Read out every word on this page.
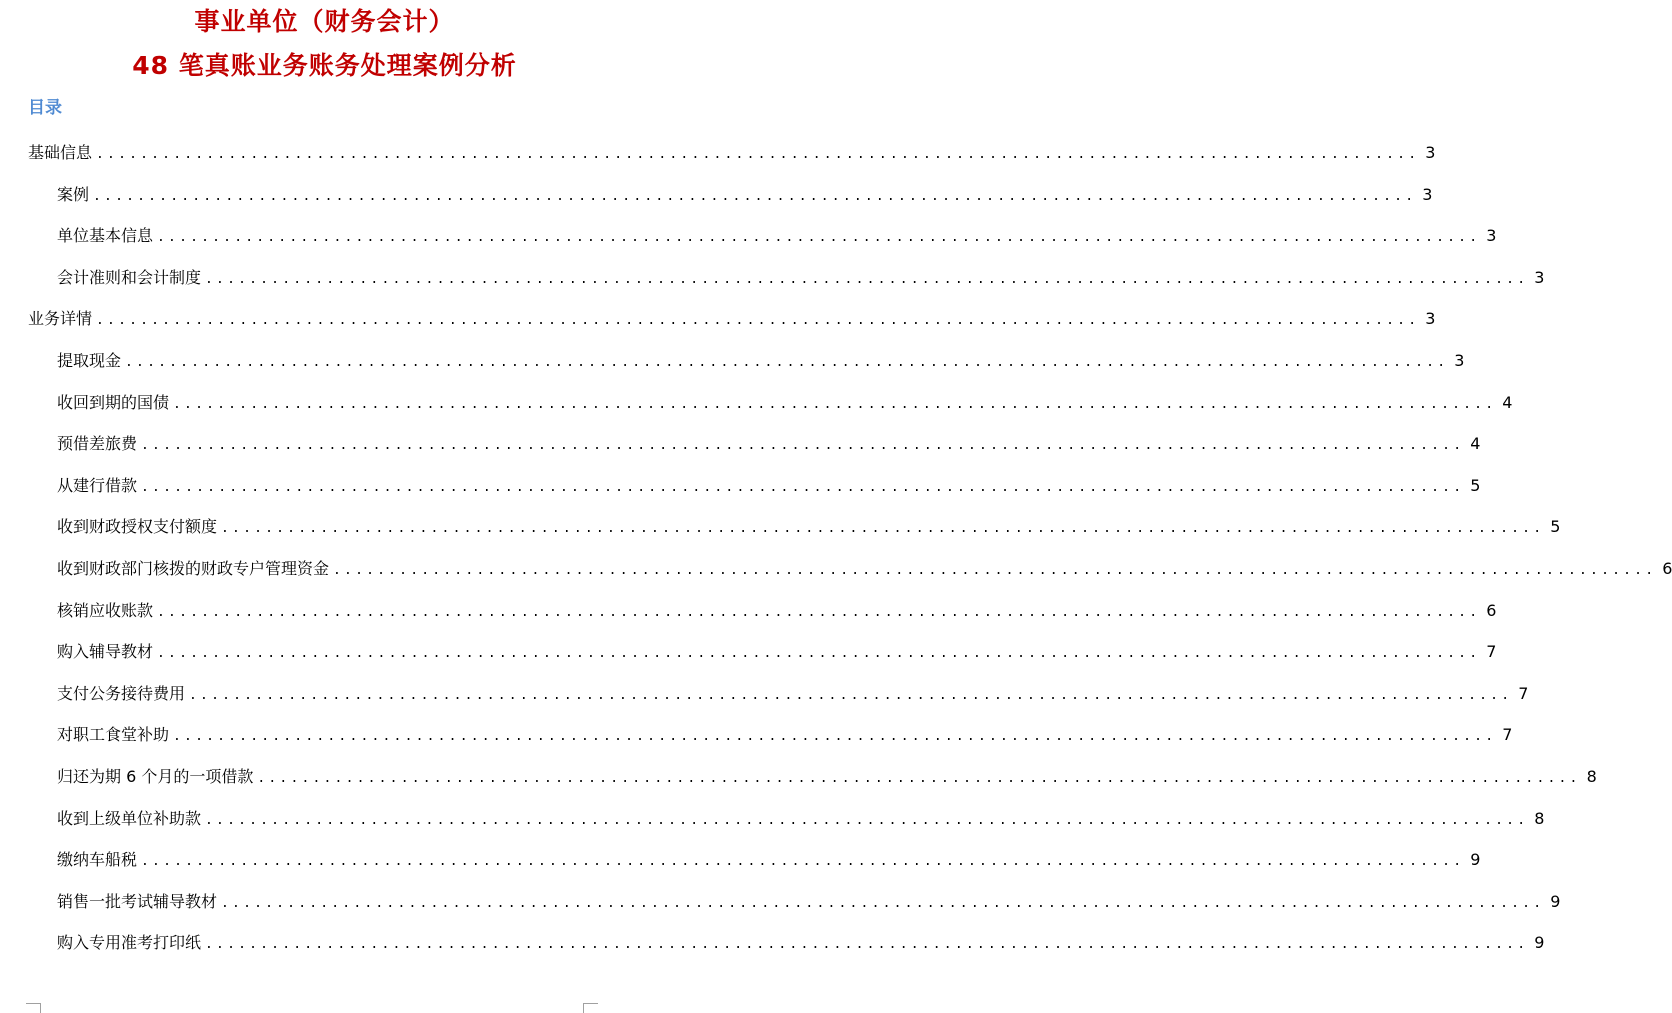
事业单位（财务会计）
48 笔真账业务账务处理案例分析
目录
基础信息 ........................................................................................................................ 3
案例 ........................................................................................................................ 3
单位基本信息 ........................................................................................................................ 3
会计准则和会计制度 ........................................................................................................................ 3
业务详情 ........................................................................................................................ 3
提取现金 ........................................................................................................................ 3
收回到期的国债 ........................................................................................................................ 4
预借差旅费 ........................................................................................................................ 4
从建行借款 ........................................................................................................................ 5
收到财政授权支付额度 ........................................................................................................................ 5
收到财政部门核拨的财政专户管理资金 ........................................................................................................................ 6
核销应收账款 ........................................................................................................................ 6
购入辅导教材 ........................................................................................................................ 7
支付公务接待费用 ........................................................................................................................ 7
对职工食堂补助 ........................................................................................................................ 7
归还为期 6 个月的一项借款 ........................................................................................................................ 8
收到上级单位补助款 ........................................................................................................................ 8
缴纳车船税 ........................................................................................................................ 9
销售一批考试辅导教材 ........................................................................................................................ 9
购入专用准考打印纸 ........................................................................................................................ 9
